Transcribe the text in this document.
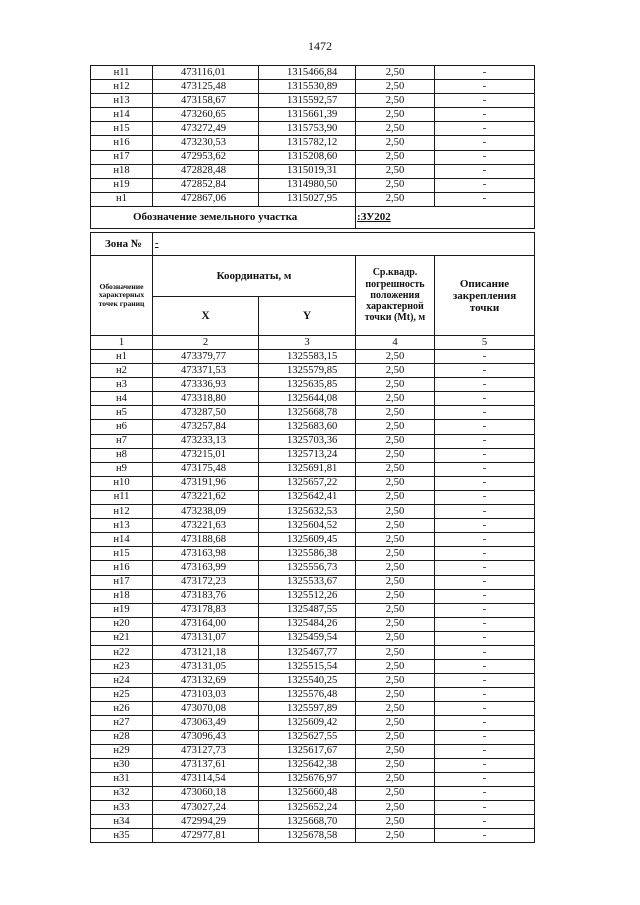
1472
н11	473116,01	1315466,84	2,50	-
н12	473125,48	1315530,89	2,50	-
н13	473158,67	1315592,57	2,50	-
н14	473260,65	1315661,39	2,50	-
н15	473272,49	1315753,90	2,50	-
н16	473230,53	1315782,12	2,50	-
н17	472953,62	1315208,60	2,50	-
н18	472828,48	1315019,31	2,50	-
н19	472852,84	1314980,50	2,50	-
н1	472867,06	1315027,95	2,50	-
Обозначение земельного участка			:ЗУ202	
Зона №	-			
Обозначение характерных точек границ	Координаты, м		Ср.квадр. погрешность положения характерной точки (Мt), м	Описание закрепления точки
	X	Y		
1	2	3	4	5
н1	473379,77	1325583,15	2,50	-
н2	473371,53	1325579,85	2,50	-
н3	473336,93	1325635,85	2,50	-
н4	473318,80	1325644,08	2,50	-
н5	473287,50	1325668,78	2,50	-
н6	473257,84	1325683,60	2,50	-
н7	473233,13	1325703,36	2,50	-
н8	473215,01	1325713,24	2,50	-
н9	473175,48	1325691,81	2,50	-
н10	473191,96	1325657,22	2,50	-
н11	473221,62	1325642,41	2,50	-
н12	473238,09	1325632,53	2,50	-
н13	473221,63	1325604,52	2,50	-
н14	473188,68	1325609,45	2,50	-
н15	473163,98	1325586,38	2,50	-
н16	473163,99	1325556,73	2,50	-
н17	473172,23	1325533,67	2,50	-
н18	473183,76	1325512,26	2,50	-
н19	473178,83	1325487,55	2,50	-
н20	473164,00	1325484,26	2,50	-
н21	473131,07	1325459,54	2,50	-
н22	473121,18	1325467,77	2,50	-
н23	473131,05	1325515,54	2,50	-
н24	473132,69	1325540,25	2,50	-
н25	473103,03	1325576,48	2,50	-
н26	473070,08	1325597,89	2,50	-
н27	473063,49	1325609,42	2,50	-
н28	473096,43	1325627,55	2,50	-
н29	473127,73	1325617,67	2,50	-
н30	473137,61	1325642,38	2,50	-
н31	473114,54	1325676,97	2,50	-
н32	473060,18	1325660,48	2,50	-
н33	473027,24	1325652,24	2,50	-
н34	472994,29	1325668,70	2,50	-
н35	472977,81	1325678,58	2,50	-
